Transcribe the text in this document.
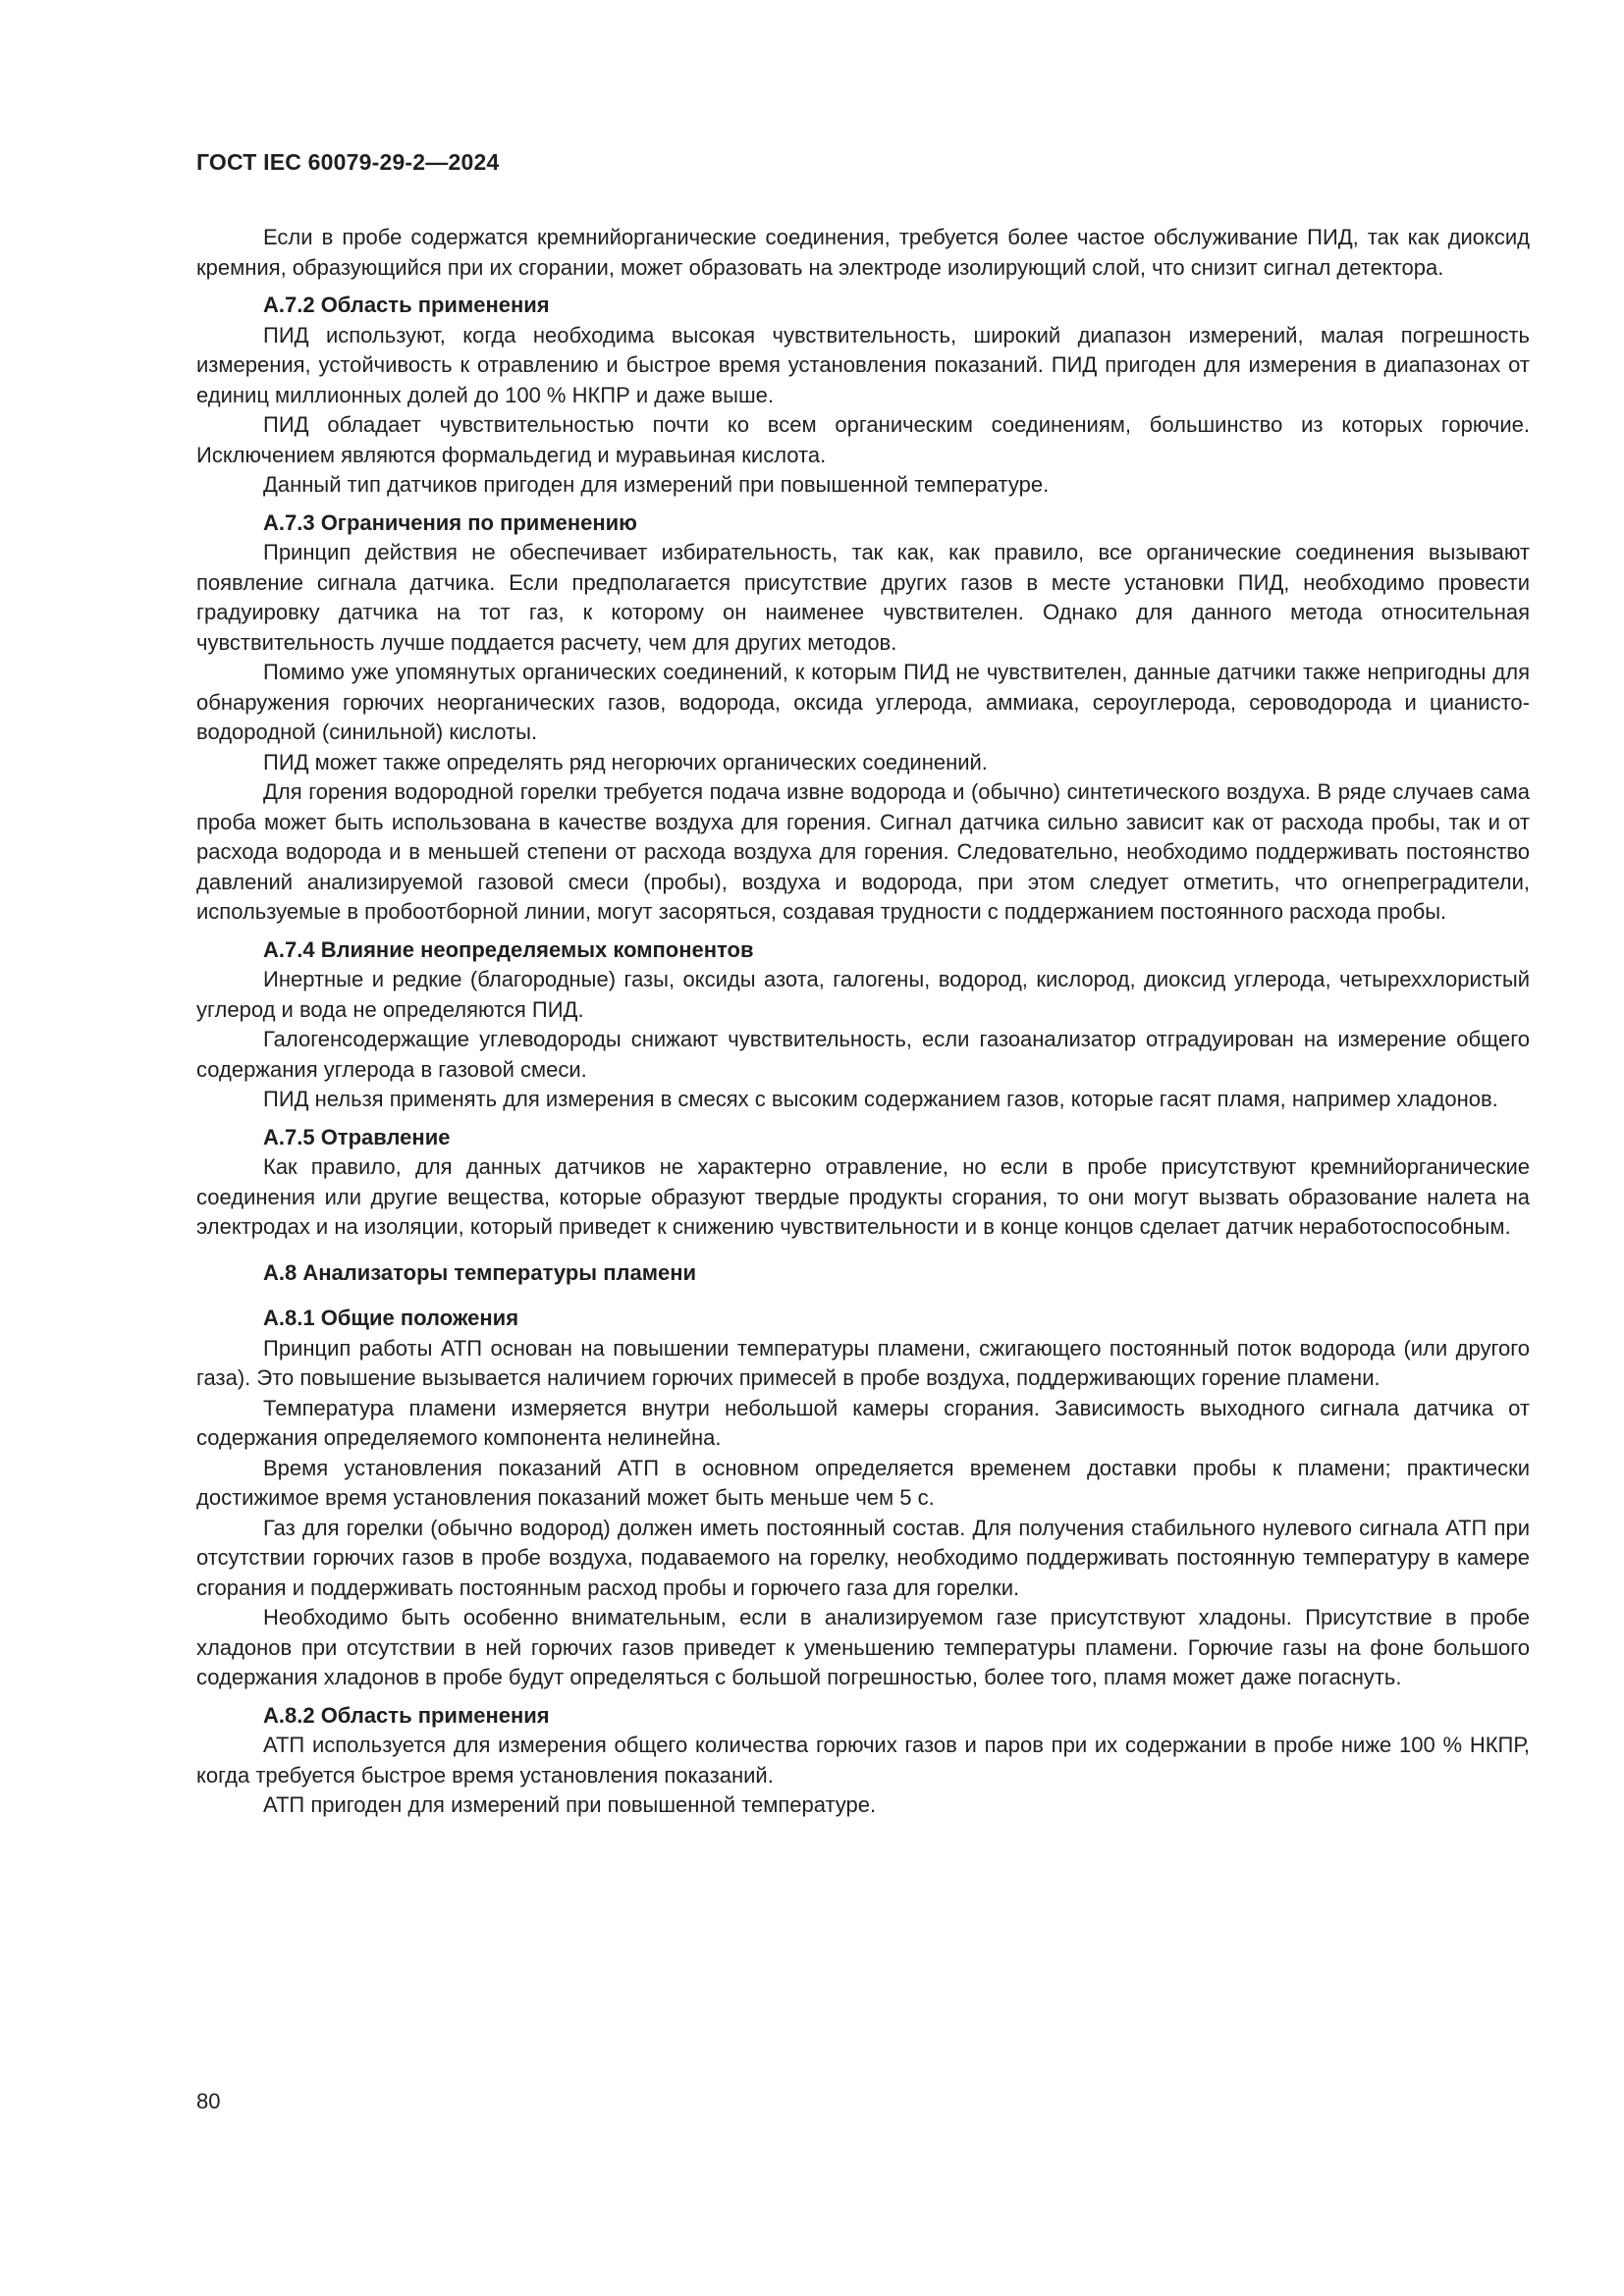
ГОСТ IEC 60079-29-2—2024

Если в пробе содержатся кремнийорганические соединения, требуется более частое обслуживание ПИД, так как диоксид кремния, образующийся при их сгорании, может образовать на электроде изолирующий слой, что снизит сигнал детектора.

А.7.2 Область применения

ПИД используют, когда необходима высокая чувствительность, широкий диапазон измерений, малая погрешность измерения, устойчивость к отравлению и быстрое время установления показаний. ПИД пригоден для измерения в диапазонах от единиц миллионных долей до 100 % НКПР и даже выше.

ПИД обладает чувствительностью почти ко всем органическим соединениям, большинство из которых горючие. Исключением являются формальдегид и муравьиная кислота.

Данный тип датчиков пригоден для измерений при повышенной температуре.

А.7.3 Ограничения по применению

Принцип действия не обеспечивает избирательность, так как, как правило, все органические соединения вызывают появление сигнала датчика. Если предполагается присутствие других газов в месте установки ПИД, необходимо провести градуировку датчика на тот газ, к которому он наименее чувствителен. Однако для данного метода относительная чувствительность лучше поддается расчету, чем для других методов.

Помимо уже упомянутых органических соединений, к которым ПИД не чувствителен, данные датчики также непригодны для обнаружения горючих неорганических газов, водорода, оксида углерода, аммиака, сероуглерода, сероводорода и цианисто-водородной (синильной) кислоты.

ПИД может также определять ряд негорючих органических соединений.

Для горения водородной горелки требуется подача извне водорода и (обычно) синтетического воздуха. В ряде случаев сама проба может быть использована в качестве воздуха для горения. Сигнал датчика сильно зависит как от расхода пробы, так и от расхода водорода и в меньшей степени от расхода воздуха для горения. Следовательно, необходимо поддерживать постоянство давлений анализируемой газовой смеси (пробы), воздуха и водорода, при этом следует отметить, что огнепреградители, используемые в пробоотборной линии, могут засоряться, создавая трудности с поддержанием постоянного расхода пробы.

А.7.4 Влияние неопределяемых компонентов

Инертные и редкие (благородные) газы, оксиды азота, галогены, водород, кислород, диоксид углерода, четыреххлористый углерод и вода не определяются ПИД.

Галогенсодержащие углеводороды снижают чувствительность, если газоанализатор отградуирован на измерение общего содержания углерода в газовой смеси.

ПИД нельзя применять для измерения в смесях с высоким содержанием газов, которые гасят пламя, например хладонов.

А.7.5 Отравление

Как правило, для данных датчиков не характерно отравление, но если в пробе присутствуют кремнийорганические соединения или другие вещества, которые образуют твердые продукты сгорания, то они могут вызвать образование налета на электродах и на изоляции, который приведет к снижению чувствительности и в конце концов сделает датчик неработоспособным.

А.8 Анализаторы температуры пламени
А.8.1 Общие положения

Принцип работы АТП основан на повышении температуры пламени, сжигающего постоянный поток водорода (или другого газа). Это повышение вызывается наличием горючих примесей в пробе воздуха, поддерживающих горение пламени.

Температура пламени измеряется внутри небольшой камеры сгорания. Зависимость выходного сигнала датчика от содержания определяемого компонента нелинейна.

Время установления показаний АТП в основном определяется временем доставки пробы к пламени; практически достижимое время установления показаний может быть меньше чем 5 с.

Газ для горелки (обычно водород) должен иметь постоянный состав. Для получения стабильного нулевого сигнала АТП при отсутствии горючих газов в пробе воздуха, подаваемого на горелку, необходимо поддерживать постоянную температуру в камере сгорания и поддерживать постоянным расход пробы и горючего газа для горелки.

Необходимо быть особенно внимательным, если в анализируемом газе присутствуют хладоны. Присутствие в пробе хладонов при отсутствии в ней горючих газов приведет к уменьшению температуры пламени. Горючие газы на фоне большого содержания хладонов в пробе будут определяться с большой погрешностью, более того, пламя может даже погаснуть.

А.8.2 Область применения

АТП используется для измерения общего количества горючих газов и паров при их содержании в пробе ниже 100 % НКПР, когда требуется быстрое время установления показаний.

АТП пригоден для измерений при повышенной температуре.

80
